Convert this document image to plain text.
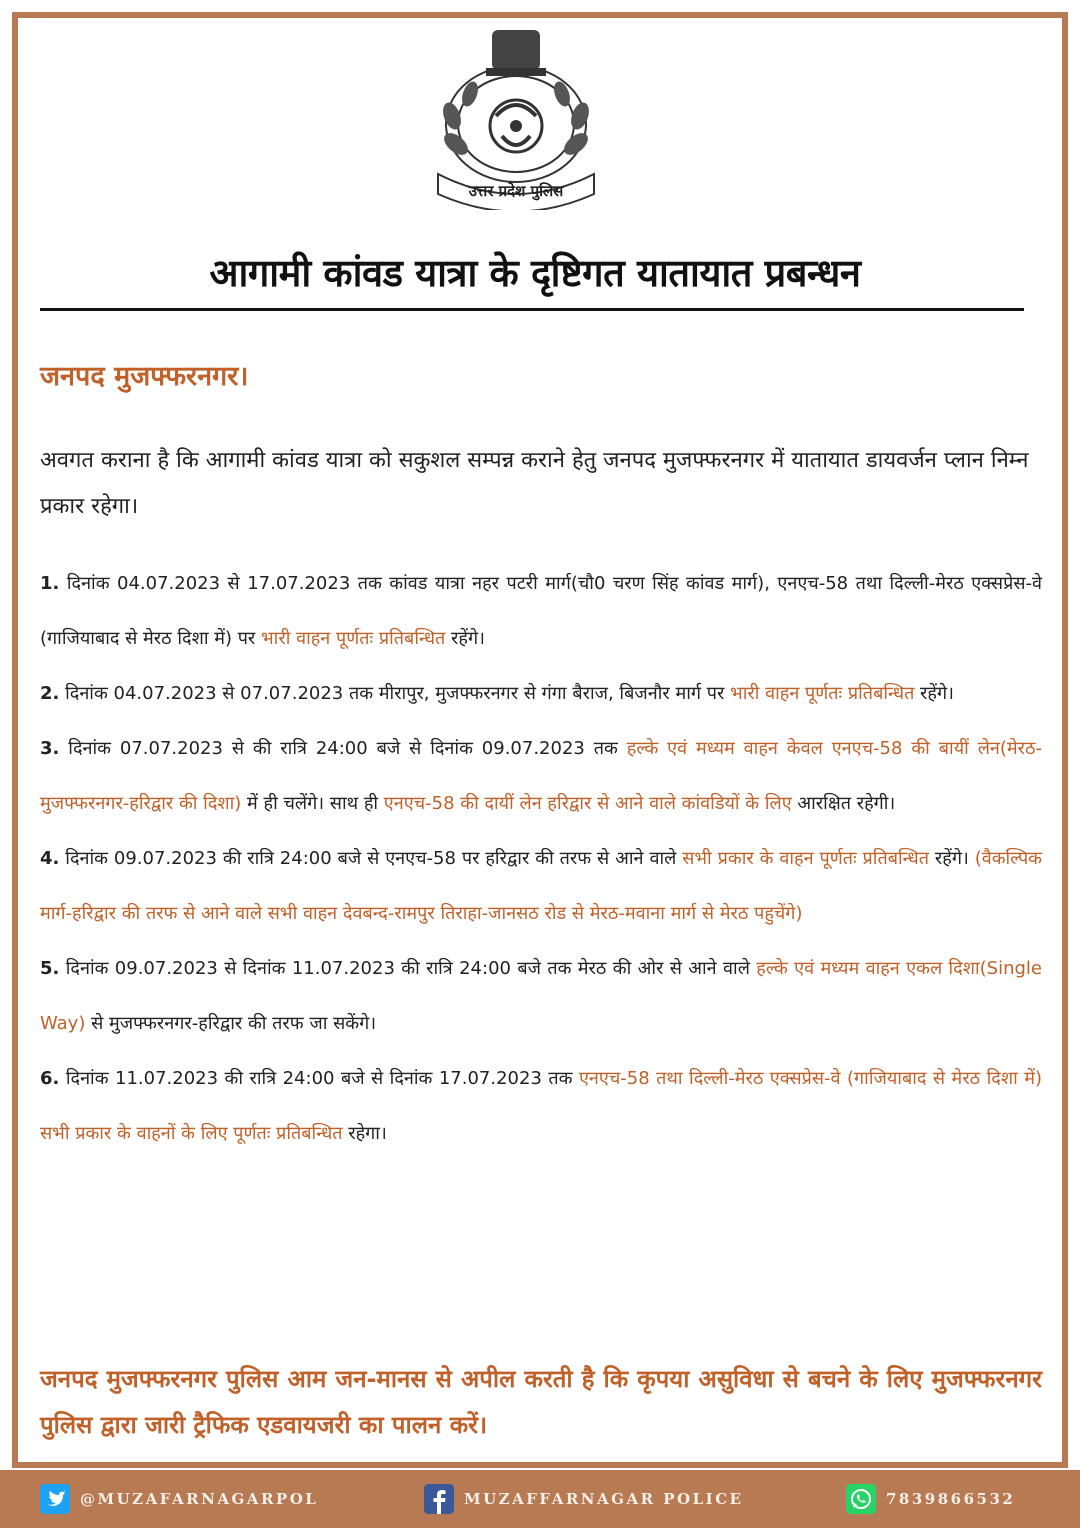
उत्तर प्रदेश पुलिस
आगामी कांवड यात्रा के दृष्टिगत यातायात प्रबन्धन

जनपद मुजफ्फरनगर।

अवगत कराना है कि आगामी कांवड यात्रा को सकुशल सम्पन्न कराने हेतु जनपद मुजफ्फरनगर में यातायात डायवर्जन प्लान निम्न प्रकार रहेगा।

1. दिनांक 04.07.2023 से 17.07.2023 तक कांवड यात्रा नहर पटरी मार्ग(चौ0 चरण सिंह कांवड मार्ग), एनएच-58 तथा दिल्ली-मेरठ एक्सप्रेस-वे (गाजियाबाद से मेरठ दिशा में) पर भारी वाहन पूर्णतः प्रतिबन्धित रहेंगे।
2. दिनांक 04.07.2023 से 07.07.2023 तक मीरापुर, मुजफ्फरनगर से गंगा बैराज, बिजनौर मार्ग पर भारी वाहन पूर्णतः प्रतिबन्धित रहेंगे।
3. दिनांक 07.07.2023 से की रात्रि 24:00 बजे से दिनांक 09.07.2023 तक हल्के एवं मध्यम वाहन केवल एनएच-58 की बायीं लेन(मेरठ-मुजफ्फरनगर-हरिद्वार की दिशा) में ही चलेंगे। साथ ही एनएच-58 की दायीं लेन हरिद्वार से आने वाले कांवडियों के लिए आरक्षित रहेगी।
4. दिनांक 09.07.2023 की रात्रि 24:00 बजे से एनएच-58 पर हरिद्वार की तरफ से आने वाले सभी प्रकार के वाहन पूर्णतः प्रतिबन्धित रहेंगे। (वैकल्पिक मार्ग-हरिद्वार की तरफ से आने वाले सभी वाहन देवबन्द-रामपुर तिराहा-जानसठ रोड से मेरठ-मवाना मार्ग से मेरठ पहुचेंगे)
5. दिनांक 09.07.2023 से दिनांक 11.07.2023 की रात्रि 24:00 बजे तक मेरठ की ओर से आने वाले हल्के एवं मध्यम वाहन एकल दिशा(Single Way) से मुजफ्फरनगर-हरिद्वार की तरफ जा सकेंगे।
6. दिनांक 11.07.2023 की रात्रि 24:00 बजे से दिनांक 17.07.2023 तक एनएच-58 तथा दिल्ली-मेरठ एक्सप्रेस-वे (गाजियाबाद से मेरठ दिशा में) सभी प्रकार के वाहनों के लिए पूर्णतः प्रतिबन्धित रहेगा।

जनपद मुजफ्फरनगर पुलिस आम जन-मानस से अपील करती है कि कृपया असुविधा से बचने के लिए मुजफ्फरनगर पुलिस द्वारा जारी ट्रैफिक एडवायजरी का पालन करें।

@MUZAFARNAGARPOL	MUZAFFARNAGAR POLICE	7839866532
